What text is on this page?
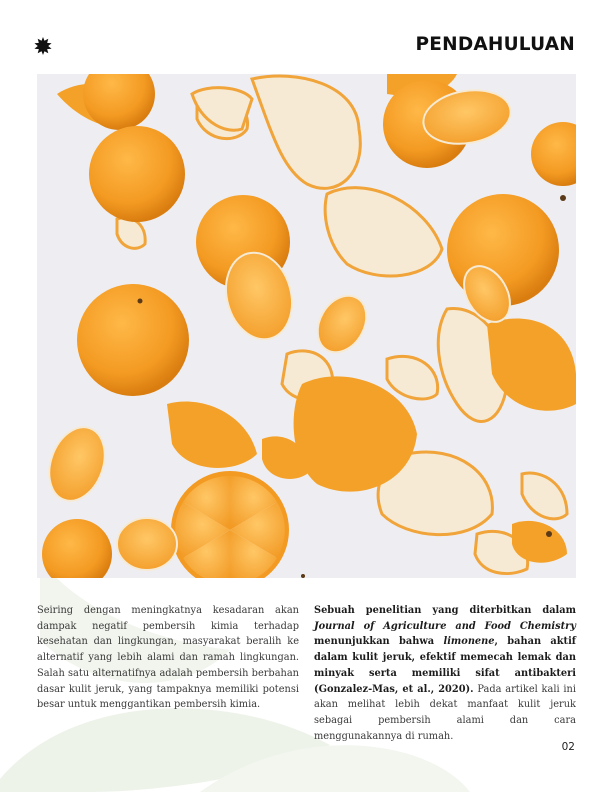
PENDAHULUAN

Seiring dengan meningkatnya kesadaran akan dampak negatif pembersih kimia terhadap kesehatan dan lingkungan, masyarakat beralih ke alternatif yang lebih alami dan ramah lingkungan. Salah satu alternatifnya adalah pembersih berbahan dasar kulit jeruk, yang tampaknya memiliki potensi besar untuk menggantikan pembersih kimia.

Sebuah penelitian yang diterbitkan dalam Journal of Agriculture and Food Chemistry menunjukkan bahwa limonene, bahan aktif dalam kulit jeruk, efektif memecah lemak dan minyak serta memiliki sifat antibakteri (Gonzalez-Mas, et al., 2020). Pada artikel kali ini akan melihat lebih dekat manfaat kulit jeruk sebagai pembersih alami dan cara menggunakannya di rumah.

02
